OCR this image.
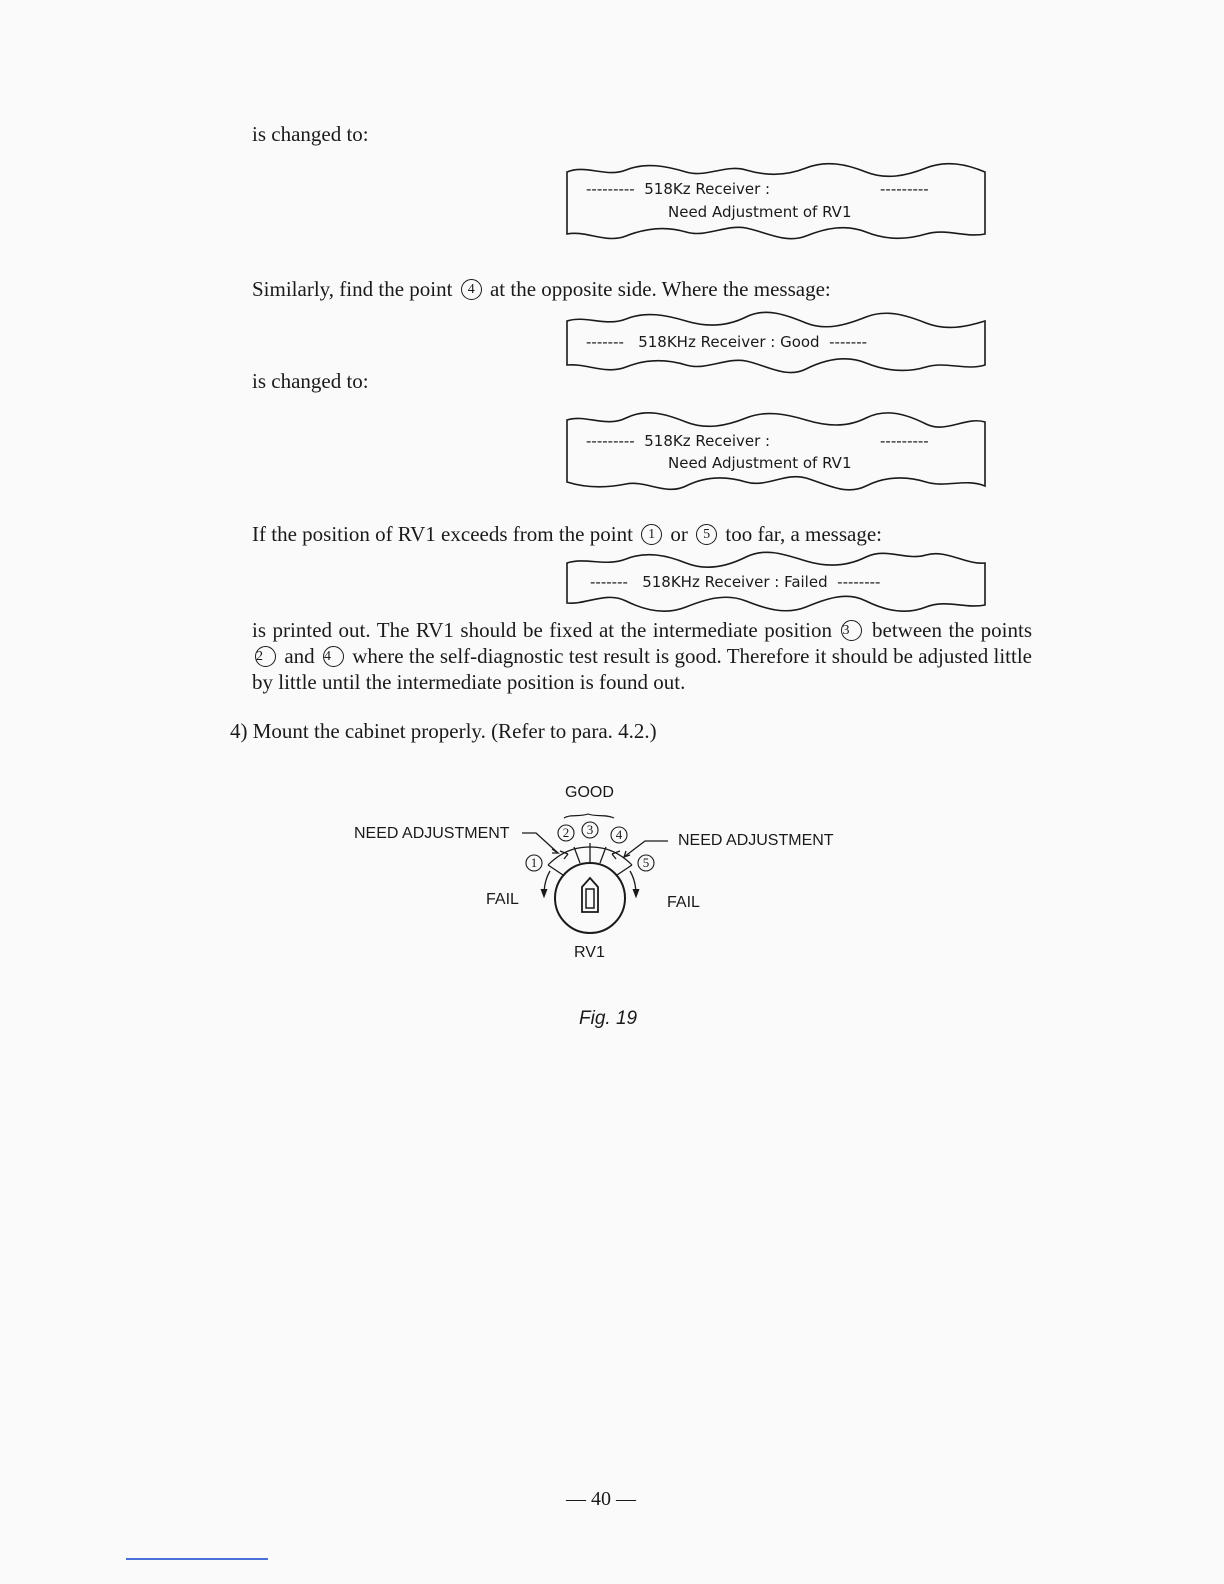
is changed to:
--------- 518Kz Receiver :	---------
Need Adjustment of RV1
Similarly, find the point 4 at the opposite side. Where the message:
------- 518KHz Receiver : Good -------
is changed to:
--------- 518Kz Receiver :	---------
Need Adjustment of RV1
If the position of RV1 exceeds from the point 1 or 5 too far, a message:
------- 518KHz Receiver : Failed --------
is printed out. The RV1 should be fixed at the intermediate position 3 between the points 2 and 4 where the self-diagnostic test result is good. Therefore it should be adjusted little by little until the intermediate position is found out.
4) Mount the cabinet properly. (Refer to para. 4.2.)
GOOD
NEED ADJUSTMENT	NEED ADJUSTMENT
FAIL	FAIL
RV1
2 3 4
1	5
Fig. 19
— 40 —
